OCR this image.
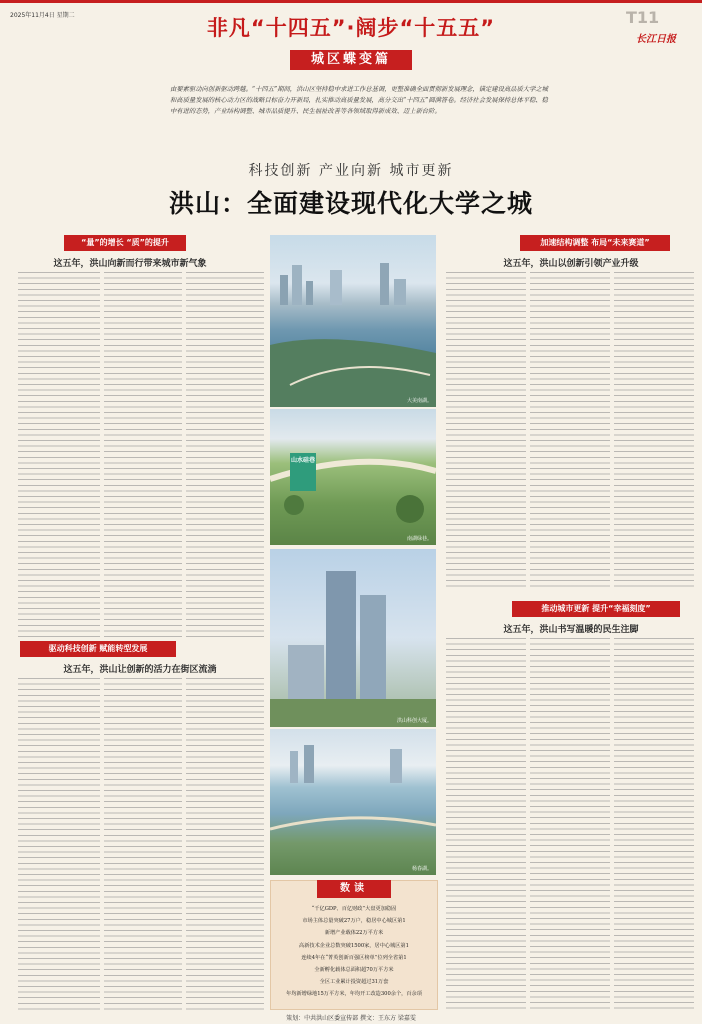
2025年11月4日 星期二	T11
长江日报
非凡“十四五”·阔步“十五五”
城区蝶变篇
由要素驱动向创新驱动跨越。“十四五”期间，洪山区坚持稳中求进工作总基调，更整准确全面贯彻新发展理念，锚定建设高品质大学之城和高质量发展的核心动力区的战略目标奋力开新局，扎实推动高质量发展，高分交出“十四五”圆满答卷。经济社会发展保持总体平稳、稳中有进的态势，产业结构调整、城市品质提升、民生福祉改善等各领域取得新成效、迈上新台阶。
科技创新 产业向新 城市更新
洪山：全面建设现代化大学之城
“量”的增长 “质”的提升
这五年，洪山向新而行带来城市新气象
大美南湖。
山水硅巷
南湖绿巷。
加速结构调整 布局“未来赛道”
这五年，洪山以创新引领产业升级
驱动科技创新 赋能转型发展
这五年，洪山让创新的活力在街区流淌
洪山科创大厦。
杨春湖。
推动城市更新 提升“幸福刻度”
这五年，洪山书写温暖的民生注脚
数读
“千亿GDP、百亿财政”大盘更加稳固
市场主体总量突破27万户，稳居中心城区第1
新增产业载体22万平方米
高新技术企业总数突破1500家，居中心城区第1
连续4年在“菁英创新百强区榜单”位列全省第1
全新孵化载体总面积超70万平方米
全区工业累计投资超过31万套
年均新增绿地15万平方米，年均开工改造300余个，百余项
策划：中共洪山区委宣传部 撰文：王东方 梁嘉雯
